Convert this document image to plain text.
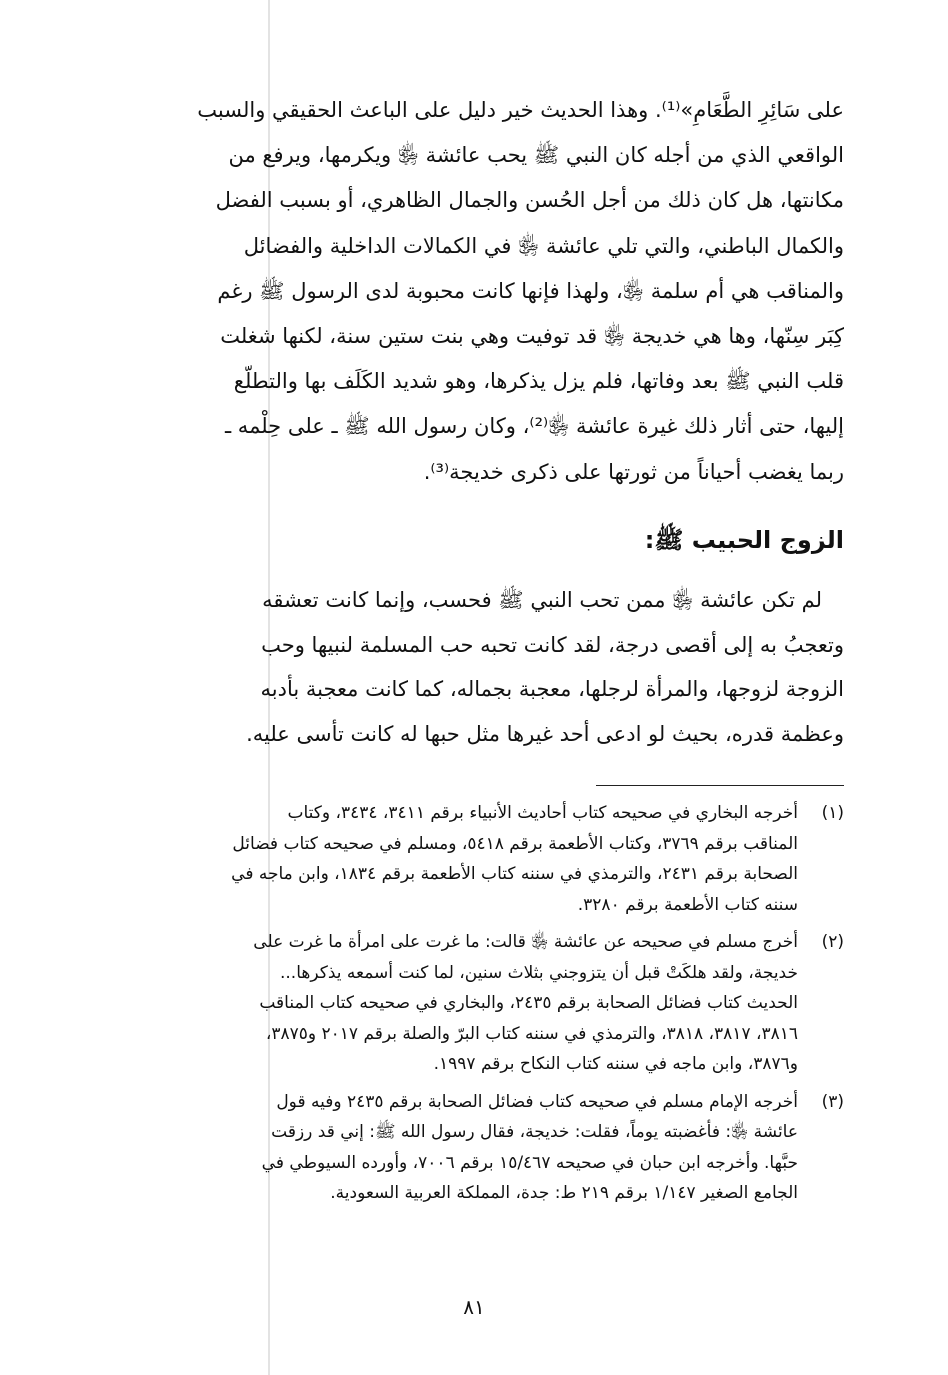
على سَائِرِ الطَّعَامِ»⁽¹⁾. وهذا الحديث خير دليل على الباعث الحقيقي والسبب
الواقعي الذي من أجله كان النبي ﷺ يحب عائشة ﵂ ويكرمها، ويرفع من
مكانتها، هل كان ذلك من أجل الحُسن والجمال الظاهري، أو بسبب الفضل
والكمال الباطني، والتي تلي عائشة ﵂ في الكمالات الداخلية والفضائل
والمناقب هي أم سلمة ﵂، ولهذا فإنها كانت محبوبة لدى الرسول ﷺ رغم
كِبَر سِنّها، وها هي خديجة ﵂ قد توفيت وهي بنت ستين سنة، لكنها شغلت
قلب النبي ﷺ بعد وفاتها، فلم يزل يذكرها، وهو شديد الكَلَف بها والتطلّع
إليها، حتى أثار ذلك غيرة عائشة ﵂⁽²⁾، وكان رسول الله ﷺ ـ على حِلْمه ـ
ربما يغضب أحياناً من ثورتها على ذكرى خديجة⁽³⁾.
الزوج الحبيب ﷺ:
لم تكن عائشة ﵂ ممن تحب النبي ﷺ فحسب، وإنما كانت تعشقه
وتعجبُ به إلى أقصى درجة، لقد كانت تحبه حب المسلمة لنبيها وحب
الزوجة لزوجها، والمرأة لرجلها، معجبة بجماله، كما كانت معجبة بأدبه
وعظمة قدره، بحيث لو ادعى أحد غيرها مثل حبها له كانت تأسى عليه.
(١)
أخرجه البخاري في صحيحه كتاب أحاديث الأنبياء برقم ٣٤١١، ٣٤٣٤، وكتاب
المناقب برقم ٣٧٦٩، وكتاب الأطعمة برقم ٥٤١٨، ومسلم في صحيحه كتاب فضائل
الصحابة برقم ٢٤٣١، والترمذي في سننه كتاب الأطعمة برقم ١٨٣٤، وابن ماجه في
سننه كتاب الأطعمة برقم ٣٢٨٠.
(٢)
أخرج مسلم في صحيحه عن عائشة ﵂ قالت: ما غرت على امرأة ما غرت على
خديجة، ولقد هلكَتْ قبل أن يتزوجني بثلاث سنين، لما كنت أسمعه يذكرها...
الحديث كتاب فضائل الصحابة برقم ٢٤٣٥، والبخاري في صحيحه كتاب المناقب
٣٨١٦، ٣٨١٧، ٣٨١٨، والترمذي في سننه كتاب البرّ والصلة برقم ٢٠١٧ و٣٨٧٥،
و٣٨٧٦، وابن ماجه في سننه كتاب النكاح برقم ١٩٩٧.
(٣)
أخرجه الإمام مسلم في صحيحه كتاب فضائل الصحابة برقم ٢٤٣٥ وفيه قول
عائشة ﵂: فأغضبته يوماً، فقلت: خديجة، فقال رسول الله ﷺ: إني قد رزقت
حبَّها. وأخرجه ابن حبان في صحيحه ١٥/٤٦٧ برقم ٧٠٠٦، وأورده السيوطي في
الجامع الصغير ١/١٤٧ برقم ٢١٩ ط: جدة، المملكة العربية السعودية.
٨١
